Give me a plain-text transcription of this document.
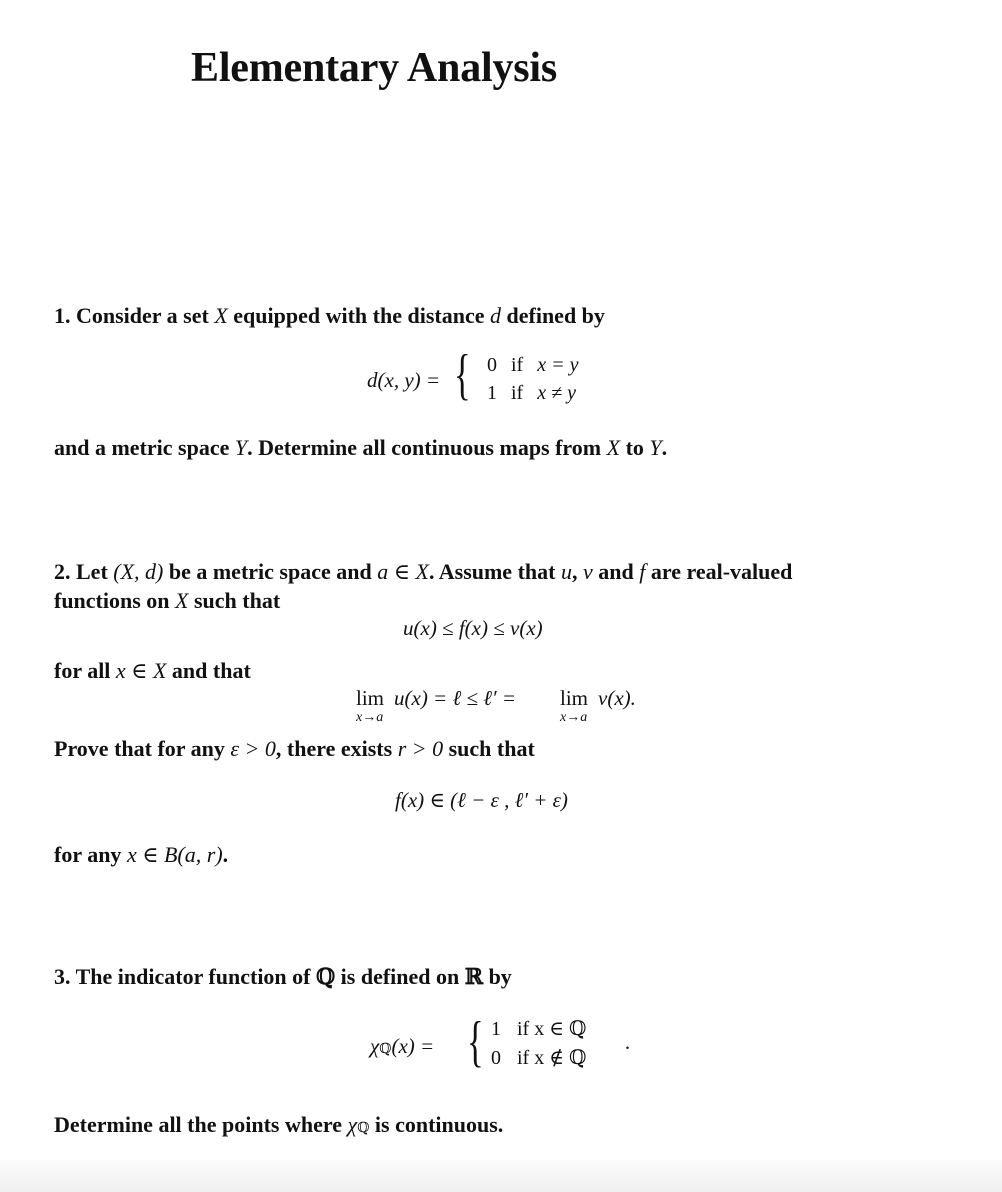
Elementary Analysis
1. Consider a set X equipped with the distance d defined by
d(x, y) = { 0 if x = y
1 if x ≠ y
and a metric space Y. Determine all continuous maps from X to Y.
2. Let (X, d) be a metric space and a ∈ X. Assume that u, v and f are real-valued
functions on X such that
u(x) ≤ f(x) ≤ v(x)
for all x ∈ X and that
lim
x→a
u(x) = ℓ ≤ ℓ′ = lim
x→a
v(x).
Prove that for any ε > 0, there exists r > 0 such that
f(x) ∈ (ℓ − ε , ℓ′ + ε)
for any x ∈ B(a, r).
3. The indicator function of ℚ is defined on ℝ by
χℚ(x) = { 1 if x ∈ ℚ
0 if x ∉ ℚ ·
Determine all the points where χℚ is continuous.
